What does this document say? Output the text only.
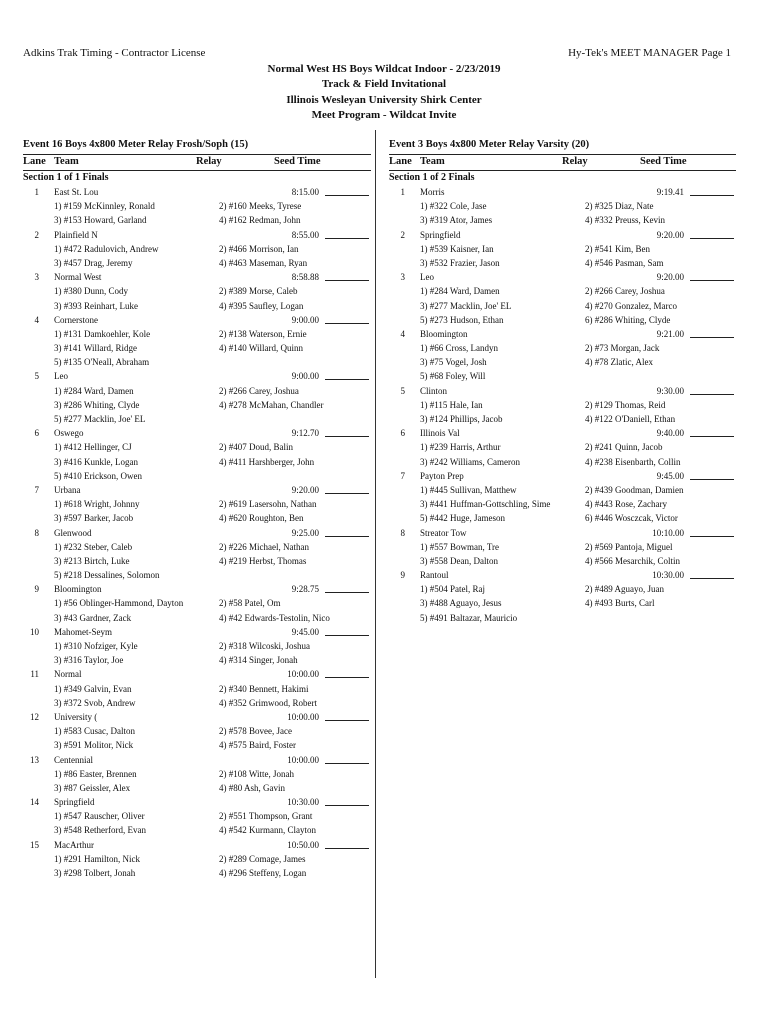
Adkins Trak Timing - Contractor License	Hy-Tek's MEET MANAGER Page 1
Normal West HS Boys Wildcat Indoor - 2/23/2019
Track & Field Invitational
Illinois Wesleyan University Shirk Center
Meet Program - Wildcat Invite
Event 16 Boys 4x800 Meter Relay Frosh/Soph (15)
Lane Team	Relay	Seed Time
Section 1 of 1 Finals
1 East St. Lou	8:15.00
1) #159 McKinnley, Ronald	2) #160 Meeks, Tyrese
3) #153 Howard, Garland	4) #162 Redman, John
2 Plainfield N	8:55.00
1) #472 Radulovich, Andrew	2) #466 Morrison, Ian
3) #457 Drag, Jeremy	4) #463 Maseman, Ryan
3 Normal West	8:58.88
1) #380 Dunn, Cody	2) #389 Morse, Caleb
3) #393 Reinhart, Luke	4) #395 Saufley, Logan
4 Cornerstone	9:00.00
1) #131 Damkoehler, Kole	2) #138 Waterson, Ernie
3) #141 Willard, Ridge	4) #140 Willard, Quinn
5) #135 O'Neall, Abraham
5 Leo	9:00.00
1) #284 Ward, Damen	2) #266 Carey, Joshua
3) #286 Whiting, Clyde	4) #278 McMahan, Chandler
5) #277 Macklin, Joe' EL
6 Oswego	9:12.70
1) #412 Hellinger, CJ	2) #407 Doud, Balin
3) #416 Kunkle, Logan	4) #411 Harshberger, John
5) #410 Erickson, Owen
7 Urbana	9:20.00
1) #618 Wright, Johnny	2) #619 Lasersohn, Nathan
3) #597 Barker, Jacob	4) #620 Roughton, Ben
8 Glenwood	9:25.00
1) #232 Steber, Caleb	2) #226 Michael, Nathan
3) #213 Birtch, Luke	4) #219 Herbst, Thomas
5) #218 Dessalines, Solomon
9 Bloomington	9:28.75
1) #56 Oblinger-Hammond, Dayton	2) #58 Patel, Om
3) #43 Gardner, Zack	4) #42 Edwards-Testolin, Nico
10 Mahomet-Seym	9:45.00
1) #310 Nofziger, Kyle	2) #318 Wilcoski, Joshua
3) #316 Taylor, Joe	4) #314 Singer, Jonah
11 Normal	10:00.00
1) #349 Galvin, Evan	2) #340 Bennett, Hakimi
3) #372 Svob, Andrew	4) #352 Grimwood, Robert
12 University (	10:00.00
1) #583 Cusac, Dalton	2) #578 Bovee, Jace
3) #591 Molitor, Nick	4) #575 Baird, Foster
13 Centennial	10:00.00
1) #86 Easter, Brennen	2) #108 Witte, Jonah
3) #87 Geissler, Alex	4) #80 Ash, Gavin
14 Springfield	10:30.00
1) #547 Rauscher, Oliver	2) #551 Thompson, Grant
3) #548 Retherford, Evan	4) #542 Kurmann, Clayton
15 MacArthur	10:50.00
1) #291 Hamilton, Nick	2) #289 Comage, James
3) #298 Tolbert, Jonah	4) #296 Steffeny, Logan
Event 3 Boys 4x800 Meter Relay Varsity (20)
Lane Team	Relay	Seed Time
Section 1 of 2 Finals
1 Morris	9:19.41
1) #322 Cole, Jase	2) #325 Diaz, Nate
3) #319 Ator, James	4) #332 Preuss, Kevin
2 Springfield	9:20.00
1) #539 Kaisner, Ian	2) #541 Kim, Ben
3) #532 Frazier, Jason	4) #546 Pasman, Sam
3 Leo	9:20.00
1) #284 Ward, Damen	2) #266 Carey, Joshua
3) #277 Macklin, Joe' EL	4) #270 Gonzalez, Marco
5) #273 Hudson, Ethan	6) #286 Whiting, Clyde
4 Bloomington	9:21.00
1) #66 Cross, Landyn	2) #73 Morgan, Jack
3) #75 Vogel, Josh	4) #78 Zlatic, Alex
5) #68 Foley, Will
5 Clinton	9:30.00
1) #115 Hale, Ian	2) #129 Thomas, Reid
3) #124 Phillips, Jacob	4) #122 O'Daniell, Ethan
6 Illinois Val	9:40.00
1) #239 Harris, Arthur	2) #241 Quinn, Jacob
3) #242 Williams, Cameron	4) #238 Eisenbarth, Collin
7 Payton Prep	9:45.00
1) #445 Sullivan, Matthew	2) #439 Goodman, Damien
3) #441 Huffman-Gottschling, Sime	4) #443 Rose, Zachary
5) #442 Huge, Jameson	6) #446 Wosczcak, Victor
8 Streator Tow	10:10.00
1) #557 Bowman, Tre	2) #569 Pantoja, Miguel
3) #558 Dean, Dalton	4) #566 Mesarchik, Coltin
9 Rantoul	10:30.00
1) #504 Patel, Raj	2) #489 Aguayo, Juan
3) #488 Aguayo, Jesus	4) #493 Burts, Carl
5) #491 Baltazar, Mauricio
